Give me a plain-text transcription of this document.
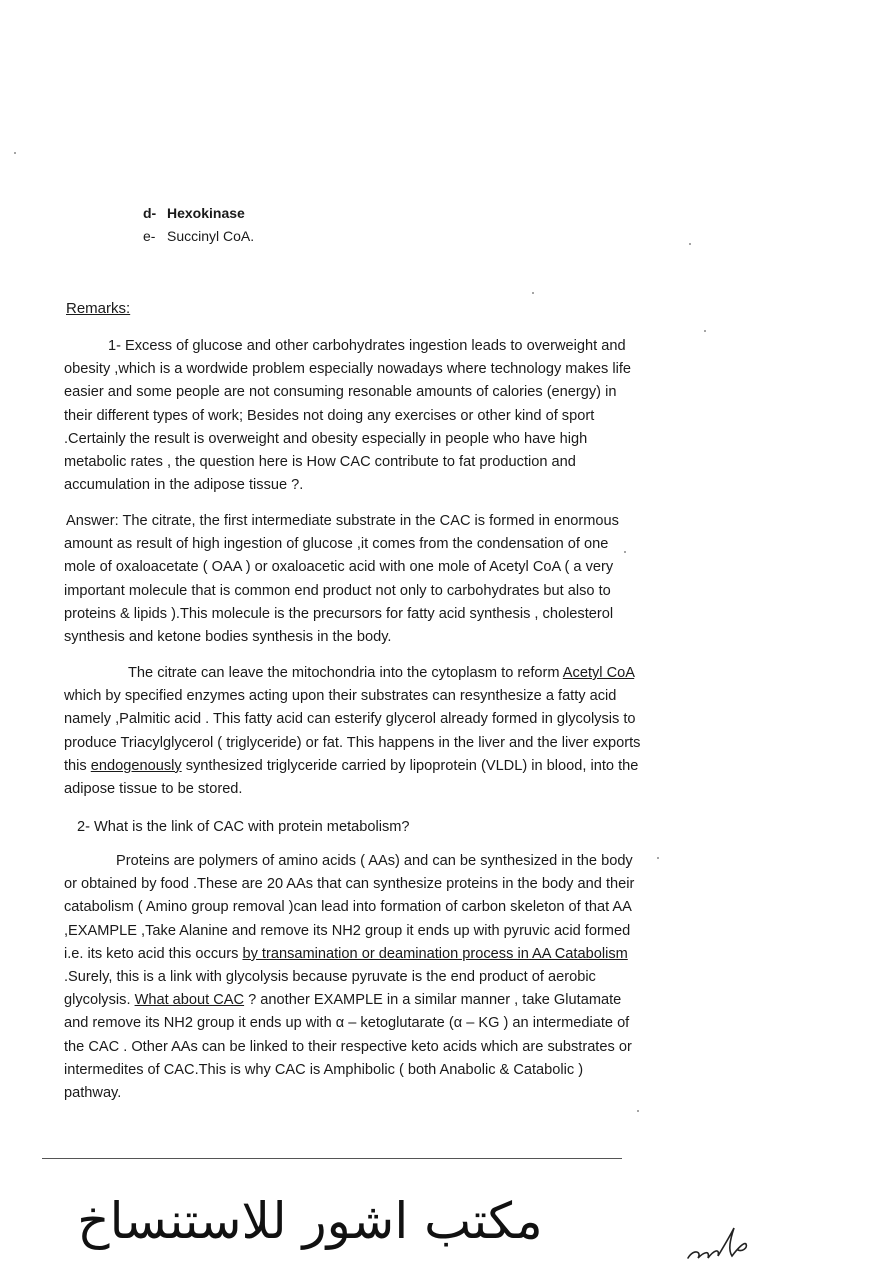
d- Hexokinase
e- Succinyl CoA.
Remarks:

1- Excess of glucose and other carbohydrates ingestion leads to overweight and obesity ,which is a wordwide problem especially nowadays where technology makes life easier and some people are not consuming resonable amounts of calories (energy) in their different types of work; Besides not doing any exercises or other kind of sport .Certainly the result is overweight and obesity especially in people who have high metabolic rates , the question here is How CAC contribute to fat production and accumulation in the adipose tissue ?.

Answer: The citrate, the first intermediate substrate in the CAC is formed in enormous amount as result of high ingestion of glucose ,it comes from the condensation of one mole of oxaloacetate ( OAA ) or oxaloacetic acid with one mole of Acetyl CoA ( a very important molecule that is common end product not only to carbohydrates but also to proteins & lipids ).This molecule is the precursors for fatty acid synthesis , cholesterol synthesis and ketone bodies synthesis in the body.

The citrate can leave the mitochondria into the cytoplasm to reform Acetyl CoA which by specified enzymes acting upon their substrates can resynthesize a fatty acid namely ,Palmitic acid . This fatty acid can esterify glycerol already formed in glycolysis to produce Triacylglycerol ( triglyceride) or fat. This happens in the liver and the liver exports this endogenously synthesized triglyceride carried by lipoprotein (VLDL) in blood, into the adipose tissue to be stored.

2- What is the link of CAC with protein metabolism?

Proteins are polymers of amino acids ( AAs) and can be synthesized in the body or obtained by food .These are 20 AAs that can synthesize proteins in the body and their catabolism ( Amino group removal )can lead into formation of carbon skeleton of that AA ,EXAMPLE ,Take Alanine and remove its NH2 group it ends up with pyruvic acid formed i.e. its keto acid this occurs by transamination or deamination process in AA Catabolism .Surely, this is a link with glycolysis because pyruvate is the end product of aerobic glycolysis. What about CAC ? another EXAMPLE in a similar manner , take Glutamate and remove its NH2 group it ends up with α – ketoglutarate (α – KG ) an intermediate of the CAC . Other AAs can be linked to their respective keto acids which are substrates or intermedites of CAC.This is why CAC is Amphibolic ( both Anabolic & Catabolic ) pathway.

مكتب اشور للاستنساخ
